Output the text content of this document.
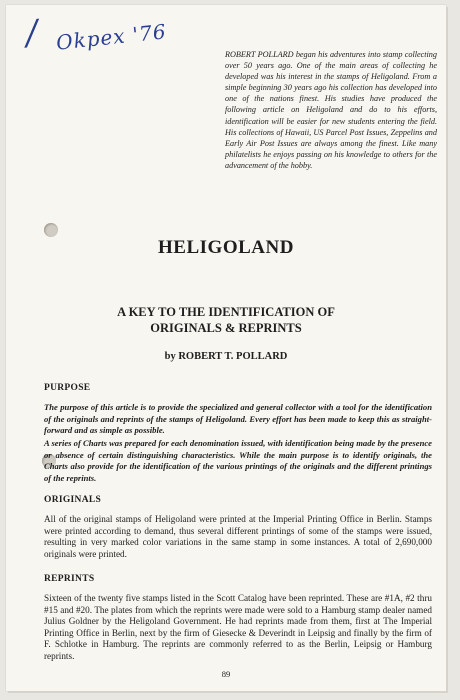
/ Okpex '76	ROBERT POLLARD began his adventures into stamp collecting over 50 years ago. One of the main areas of collecting he developed was his interest in the stamps of Heligoland. From a simple beginning 30 years ago his collection has developed into one of the nations finest. His studies have produced the following article on Heligoland and do to his efforts, identification will be easier for new students entering the field. His collections of Hawaii, US Parcel Post Issues, Zeppelins and Early Air Post Issues are always among the finest. Like many philatelists he enjoys passing on his knowledge to others for the advancement of the hobby.
HELIGOLAND
A KEY TO THE IDENTIFICATION OF
ORIGINALS & REPRINTS
by ROBERT T. POLLARD
PURPOSE
The purpose of this article is to provide the specialized and general collector with a tool for the identification of the originals and reprints of the stamps of Heligoland. Every effort has been made to keep this as straight-forward and as simple as possible.
A series of Charts was prepared for each denomination issued, with identification being made by the presence or absence of certain distinguishing characteristics. While the main purpose is to identify originals, the Charts also provide for the identification of the various printings of the originals and the different printings of the reprints.
ORIGINALS
All of the original stamps of Heligoland were printed at the Imperial Printing Office in Berlin. Stamps were printed according to demand, thus several different printings of some of the stamps were issued, resulting in very marked color variations in the same stamp in some instances. A total of 2,690,000 originals were printed.
REPRINTS
Sixteen of the twenty five stamps listed in the Scott Catalog have been reprinted. These are #1A, #2 thru #15 and #20. The plates from which the reprints were made were sold to a Hamburg stamp dealer named Julius Goldner by the Heligoland Government. He had reprints made from them, first at The Imperial Printing Office in Berlin, next by the firm of Giesecke & Deverindt in Leipsig and finally by the firm of F. Schlotke in Hamburg. The reprints are commonly referred to as the Berlin, Leipsig or Hamburg reprints.
89
